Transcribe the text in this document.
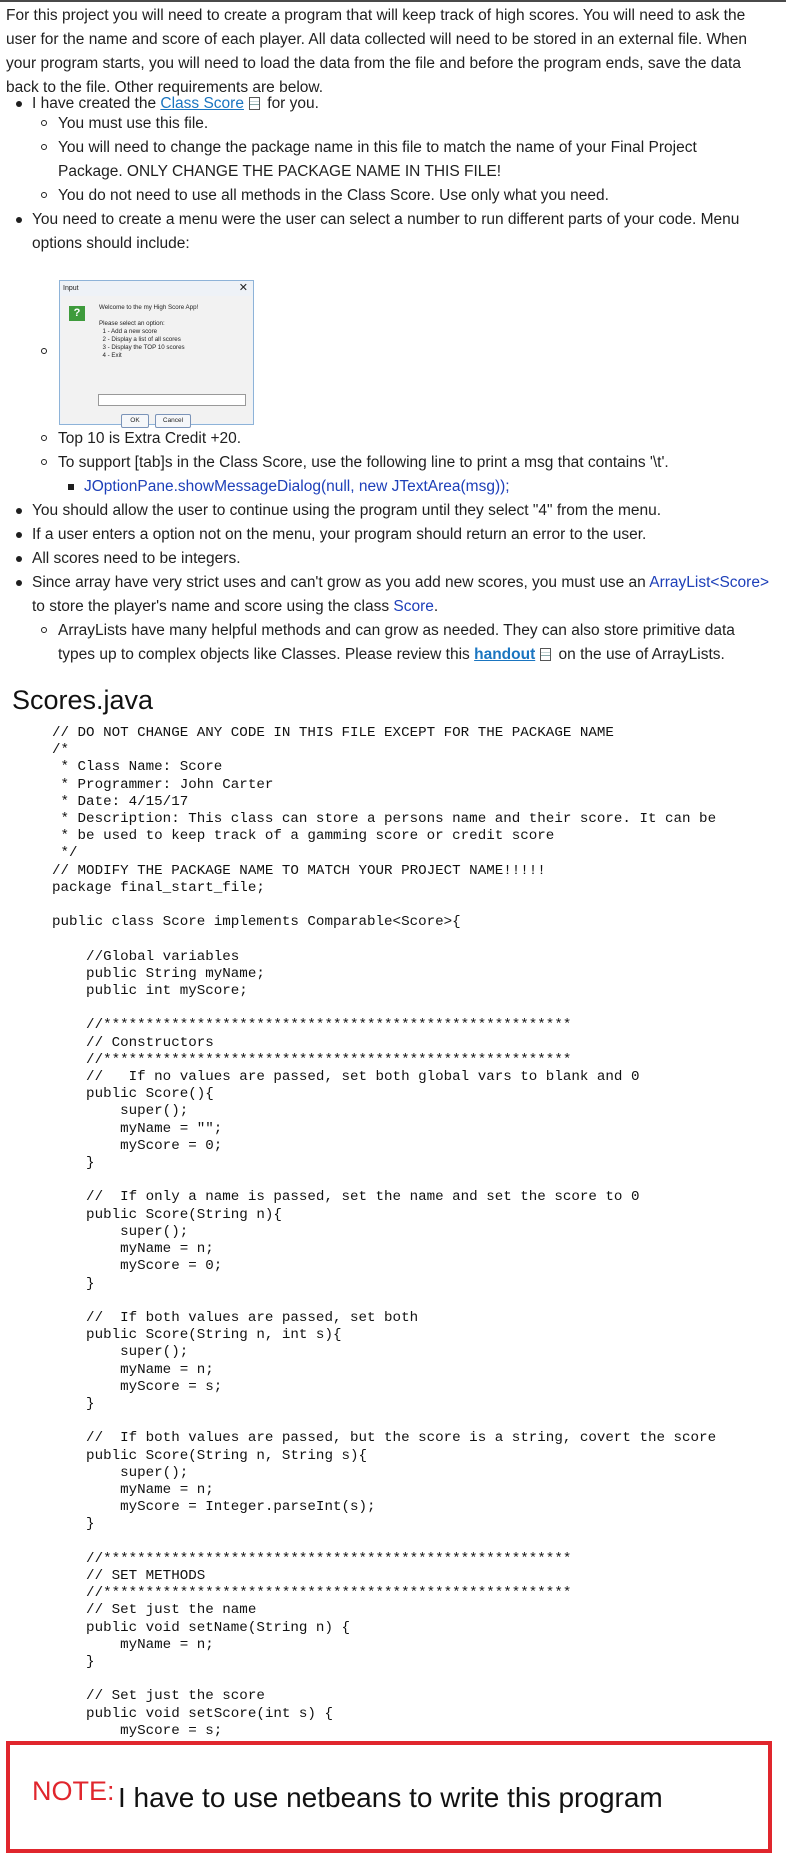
For this project you will need to create a program that will keep track of high scores. You will need to ask the user for the name and score of each player. All data collected will need to be stored in an external file. When your program starts, you will need to load the data from the file and before the program ends, save the data back to the file. Other requirements are below.

I have created the Class Score for you.
You must use this file.
You will need to change the package name in this file to match the name of your Final Project Package. ONLY CHANGE THE PACKAGE NAME IN THIS FILE!
You do not need to use all methods in the Class Score. Use only what you need.
You need to create a menu were the user can select a number to run different parts of your code. Menu options should include:
Input	✕
?	Welcome to the my High Score App!

Please select an option:
1 - Add a new score
2 - Display a list of all scores
3 - Display the TOP 10 scores
4 - Exit
OK	Cancel
Top 10 is Extra Credit +20.
To support [tab]s in the Class Score, use the following line to print a msg that contains '\t'.
JOptionPane.showMessageDialog(null, new JTextArea(msg));
You should allow the user to continue using the program until they select "4" from the menu.
If a user enters a option not on the menu, your program should return an error to the user.
All scores need to be integers.
Since array have very strict uses and can't grow as you add new scores, you must use an ArrayList<Score> to store the player's name and score using the class Score.
ArrayLists have many helpful methods and can grow as needed. They can also store primitive data types up to complex objects like Classes. Please review this handout on the use of ArrayLists.
Scores.java
// DO NOT CHANGE ANY CODE IN THIS FILE EXCEPT FOR THE PACKAGE NAME
/*
* Class Name: Score
* Programmer: John Carter
* Date: 4/15/17
* Description: This class can store a persons name and their score. It can be
* be used to keep track of a gamming score or credit score
*/
// MODIFY THE PACKAGE NAME TO MATCH YOUR PROJECT NAME!!!!!
package final_start_file;

public class Score implements Comparable<Score>{

//Global variables
public String myName;
public int myScore;

//*******************************************************
// Constructors
//*******************************************************
//   If no values are passed, set both global vars to blank and 0
public Score(){
super();
myName = "";
myScore = 0;
}

//  If only a name is passed, set the name and set the score to 0
public Score(String n){
super();
myName = n;
myScore = 0;
}

//  If both values are passed, set both
public Score(String n, int s){
super();
myName = n;
myScore = s;
}

//  If both values are passed, but the score is a string, covert the score
public Score(String n, String s){
super();
myName = n;
myScore = Integer.parseInt(s);
}

//*******************************************************
// SET METHODS
//*******************************************************
// Set just the name
public void setName(String n) {
myName = n;
}

// Set just the score
public void setScore(int s) {
myScore = s;
NOTE: I have to use netbeans to write this program
